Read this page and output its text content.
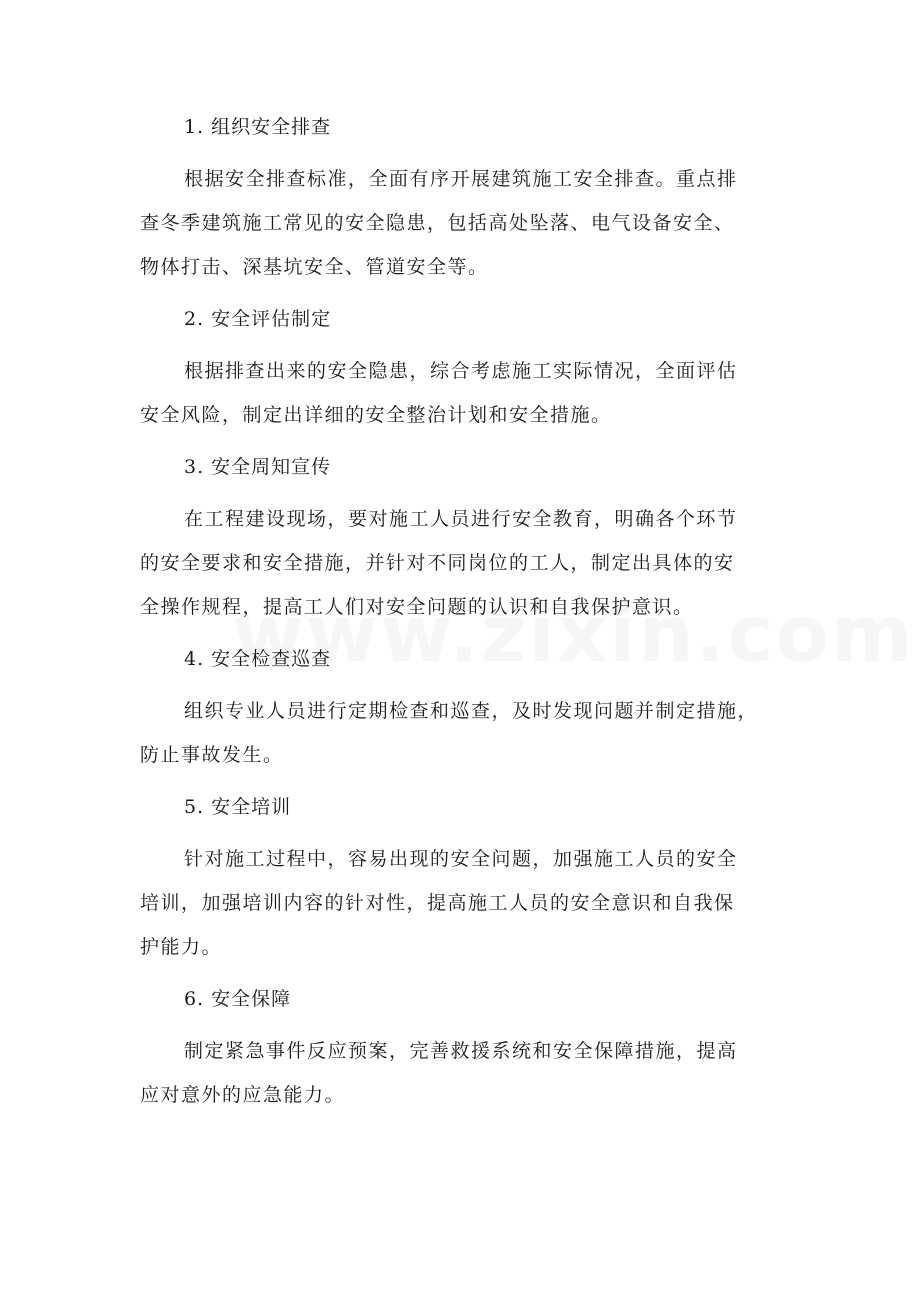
1. 组织安全排查

根据安全排查标准，全面有序开展建筑施工安全排查。重点排
查冬季建筑施工常见的安全隐患，包括高处坠落、电气设备安全、
物体打击、深基坑安全、管道安全等。

2. 安全评估制定

根据排查出来的安全隐患，综合考虑施工实际情况，全面评估
安全风险，制定出详细的安全整治计划和安全措施。

3. 安全周知宣传

在工程建设现场，要对施工人员进行安全教育，明确各个环节
的安全要求和安全措施，并针对不同岗位的工人，制定出具体的安
全操作规程，提高工人们对安全问题的认识和自我保护意识。

4. 安全检查巡查

组织专业人员进行定期检查和巡查，及时发现问题并制定措施，
防止事故发生。

5. 安全培训

针对施工过程中，容易出现的安全问题，加强施工人员的安全
培训，加强培训内容的针对性，提高施工人员的安全意识和自我保
护能力。

6. 安全保障

制定紧急事件反应预案，完善救援系统和安全保障措施，提高
应对意外的应急能力。
